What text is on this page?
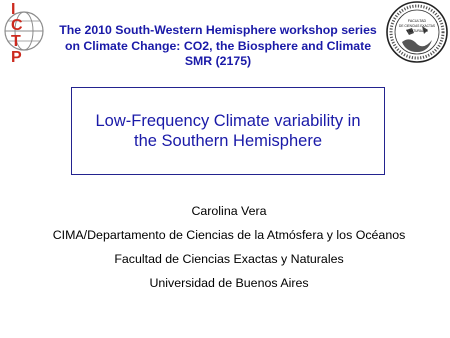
I
C
T
P
FACULTAD
DE CIENCIAS EXACTAS
Y NATURALES
The 2010 South-Western Hemisphere workshop series on Climate Change: CO2, the Biosphere and Climate SMR (2175)
Low-Frequency Climate variability in the Southern Hemisphere
Carolina Vera
CIMA/Departamento de Ciencias de la Atmósfera y los Océanos
Facultad de Ciencias Exactas y Naturales
Universidad de Buenos Aires
